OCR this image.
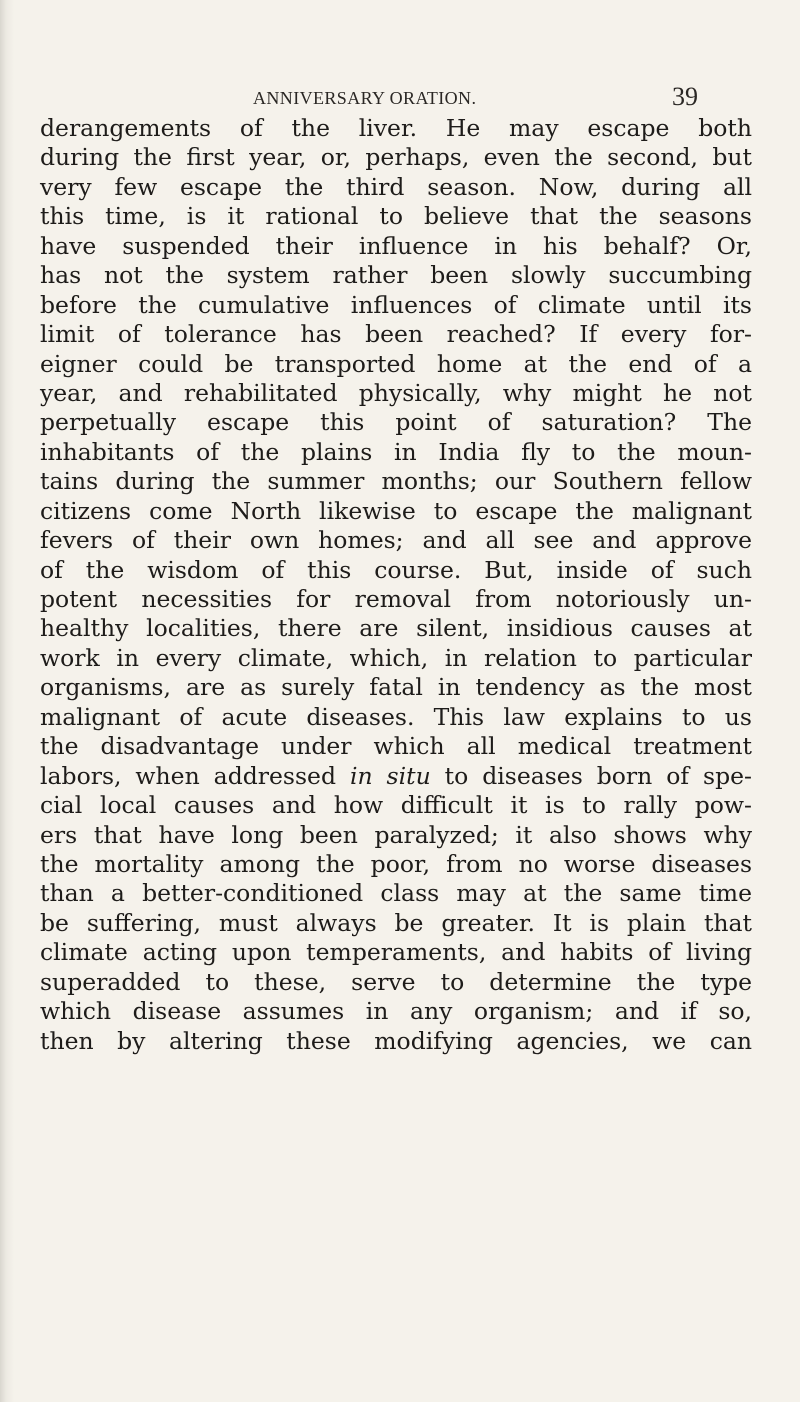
ANNIVERSARY ORATION.	39
derangements of the liver. He may escape both
during the first year, or, perhaps, even the second, but
very few escape the third season. Now, during all
this time, is it rational to believe that the seasons
have suspended their influence in his behalf? Or,
has not the system rather been slowly succumbing
before the cumulative influences of climate until its
limit of tolerance has been reached? If every for-
eigner could be transported home at the end of a
year, and rehabilitated physically, why might he not
perpetually escape this point of saturation? The
inhabitants of the plains in India fly to the moun-
tains during the summer months; our Southern fellow
citizens come North likewise to escape the malignant
fevers of their own homes; and all see and approve
of the wisdom of this course. But, inside of such
potent necessities for removal from notoriously un-
healthy localities, there are silent, insidious causes at
work in every climate, which, in relation to particular
organisms, are as surely fatal in tendency as the most
malignant of acute diseases. This law explains to us
the disadvantage under which all medical treatment
labors, when addressed in situ to diseases born of spe-
cial local causes and how difficult it is to rally pow-
ers that have long been paralyzed; it also shows why
the mortality among the poor, from no worse diseases
than a better-conditioned class may at the same time
be suffering, must always be greater. It is plain that
climate acting upon temperaments, and habits of living
superadded to these, serve to determine the type
which disease assumes in any organism; and if so,
then by altering these modifying agencies, we can
